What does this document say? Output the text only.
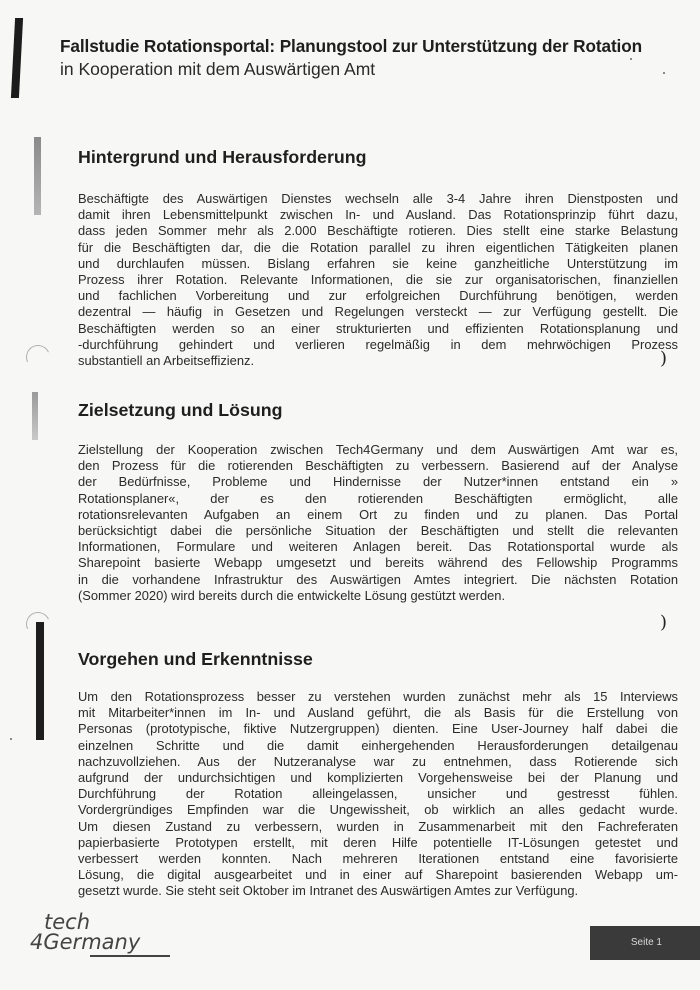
)
)
Fallstudie Rotationsportal: Planungstool zur Unterstützung der Rotation
in Kooperation mit dem Auswärtigen Amt
Hintergrund und Herausforderung
Beschäftigte des Auswärtigen Dienstes wechseln alle 3-4 Jahre ihren Dienstposten und
damit ihren Lebensmittelpunkt zwischen In- und Ausland. Das Rotationsprinzip führt dazu,
dass jeden Sommer mehr als 2.000 Beschäftigte rotieren. Dies stellt eine starke Belastung
für die Beschäftigten dar, die die Rotation parallel zu ihren eigentlichen Tätigkeiten planen
und durchlaufen müssen. Bislang erfahren sie keine ganzheitliche Unterstützung im
Prozess ihrer Rotation. Relevante Informationen, die sie zur organisatorischen, finanziellen
und fachlichen Vorbereitung und zur erfolgreichen Durchführung benötigen, werden
dezentral — häufig in Gesetzen und Regelungen versteckt — zur Verfügung gestellt. Die
Beschäftigten werden so an einer strukturierten und effizienten Rotationsplanung und
-durchführung gehindert und verlieren regelmäßig in dem mehrwöchigen Prozess
substantiell an Arbeitseffizienz.
Zielsetzung und Lösung
Zielstellung der Kooperation zwischen Tech4Germany und dem Auswärtigen Amt war es,
den Prozess für die rotierenden Beschäftigten zu verbessern. Basierend auf der Analyse
der Bedürfnisse, Probleme und Hindernisse der Nutzer*innen entstand ein »
Rotationsplaner«, der es den rotierenden Beschäftigten ermöglicht, alle
rotationsrelevanten Aufgaben an einem Ort zu finden und zu planen. Das Portal
berücksichtigt dabei die persönliche Situation der Beschäftigten und stellt die relevanten
Informationen, Formulare und weiteren Anlagen bereit. Das Rotationsportal wurde als
Sharepoint basierte Webapp umgesetzt und bereits während des Fellowship Programms
in die vorhandene Infrastruktur des Auswärtigen Amtes integriert. Die nächsten Rotation
(Sommer 2020) wird bereits durch die entwickelte Lösung gestützt werden.
Vorgehen und Erkenntnisse
Um den Rotationsprozess besser zu verstehen wurden zunächst mehr als 15 Interviews
mit Mitarbeiter*innen im In- und Ausland geführt, die als Basis für die Erstellung von
Personas (prototypische, fiktive Nutzergruppen) dienten. Eine User-Journey half dabei die
einzelnen Schritte und die damit einhergehenden Herausforderungen detailgenau
nachzuvollziehen. Aus der Nutzeranalyse war zu entnehmen, dass Rotierende sich
aufgrund der undurchsichtigen und komplizierten Vorgehensweise bei der Planung und
Durchführung der Rotation alleingelassen, unsicher und gestresst fühlen.
Vordergründiges Empfinden war die Ungewissheit, ob wirklich an alles gedacht wurde.
Um diesen Zustand zu verbessern, wurden in Zusammenarbeit mit den Fachreferaten
papierbasierte Prototypen erstellt, mit deren Hilfe potentielle IT-Lösungen getestet und
verbessert werden konnten. Nach mehreren Iterationen entstand eine favorisierte
Lösung, die digital ausgearbeitet und in einer auf Sharepoint basierenden Webapp um-
gesetzt wurde. Sie steht seit Oktober im Intranet des Auswärtigen Amtes zur Verfügung.
tech
4Germany	Seite 1
